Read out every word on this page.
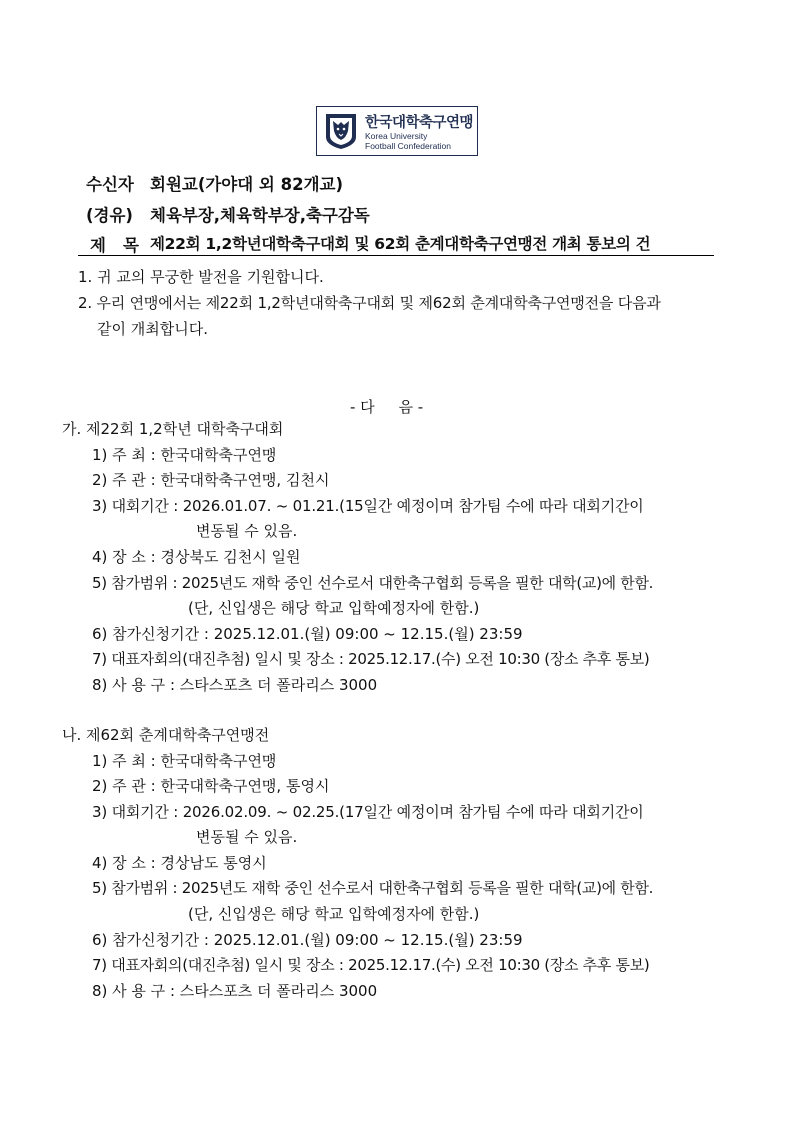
한국대학축구연맹
Korea University
Football Confederation
수신자 회원교(가야대 외 82개교)
(경유) 체육부장,체육학부장,축구감독
제 목 제22회 1,2학년대학축구대회 및 62회 춘계대학축구연맹전 개최 통보의 건
1. 귀 교의 무궁한 발전을 기원합니다.
2. 우리 연맹에서는 제22회 1,2학년대학축구대회 및 제62회 춘계대학축구연맹전을 다음과
같이 개최합니다.
- 다     음 -
가. 제22회 1,2학년 대학축구대회
1) 주 최 : 한국대학축구연맹
2) 주 관 : 한국대학축구연맹, 김천시
3) 대회기간 : 2026.01.07. ~ 01.21.(15일간 예정이며 참가팀 수에 따라 대회기간이
변동될 수 있음.
4) 장 소 : 경상북도 김천시 일원
5) 참가범위 : 2025년도 재학 중인 선수로서 대한축구협회 등록을 필한 대학(교)에 한함.
(단, 신입생은 해당 학교 입학예정자에 한함.)
6) 참가신청기간 : 2025.12.01.(월) 09:00 ~ 12.15.(월) 23:59
7) 대표자회의(대진추첨) 일시 및 장소 : 2025.12.17.(수) 오전 10:30 (장소 추후 통보)
8) 사 용 구 : 스타스포츠 더 폴라리스 3000
나. 제62회 춘계대학축구연맹전
1) 주 최 : 한국대학축구연맹
2) 주 관 : 한국대학축구연맹, 통영시
3) 대회기간 : 2026.02.09. ~ 02.25.(17일간 예정이며 참가팀 수에 따라 대회기간이
변동될 수 있음.
4) 장 소 : 경상남도 통영시
5) 참가범위 : 2025년도 재학 중인 선수로서 대한축구협회 등록을 필한 대학(교)에 한함.
(단, 신입생은 해당 학교 입학예정자에 한함.)
6) 참가신청기간 : 2025.12.01.(월) 09:00 ~ 12.15.(월) 23:59
7) 대표자회의(대진추첨) 일시 및 장소 : 2025.12.17.(수) 오전 10:30 (장소 추후 통보)
8) 사 용 구 : 스타스포츠 더 폴라리스 3000
